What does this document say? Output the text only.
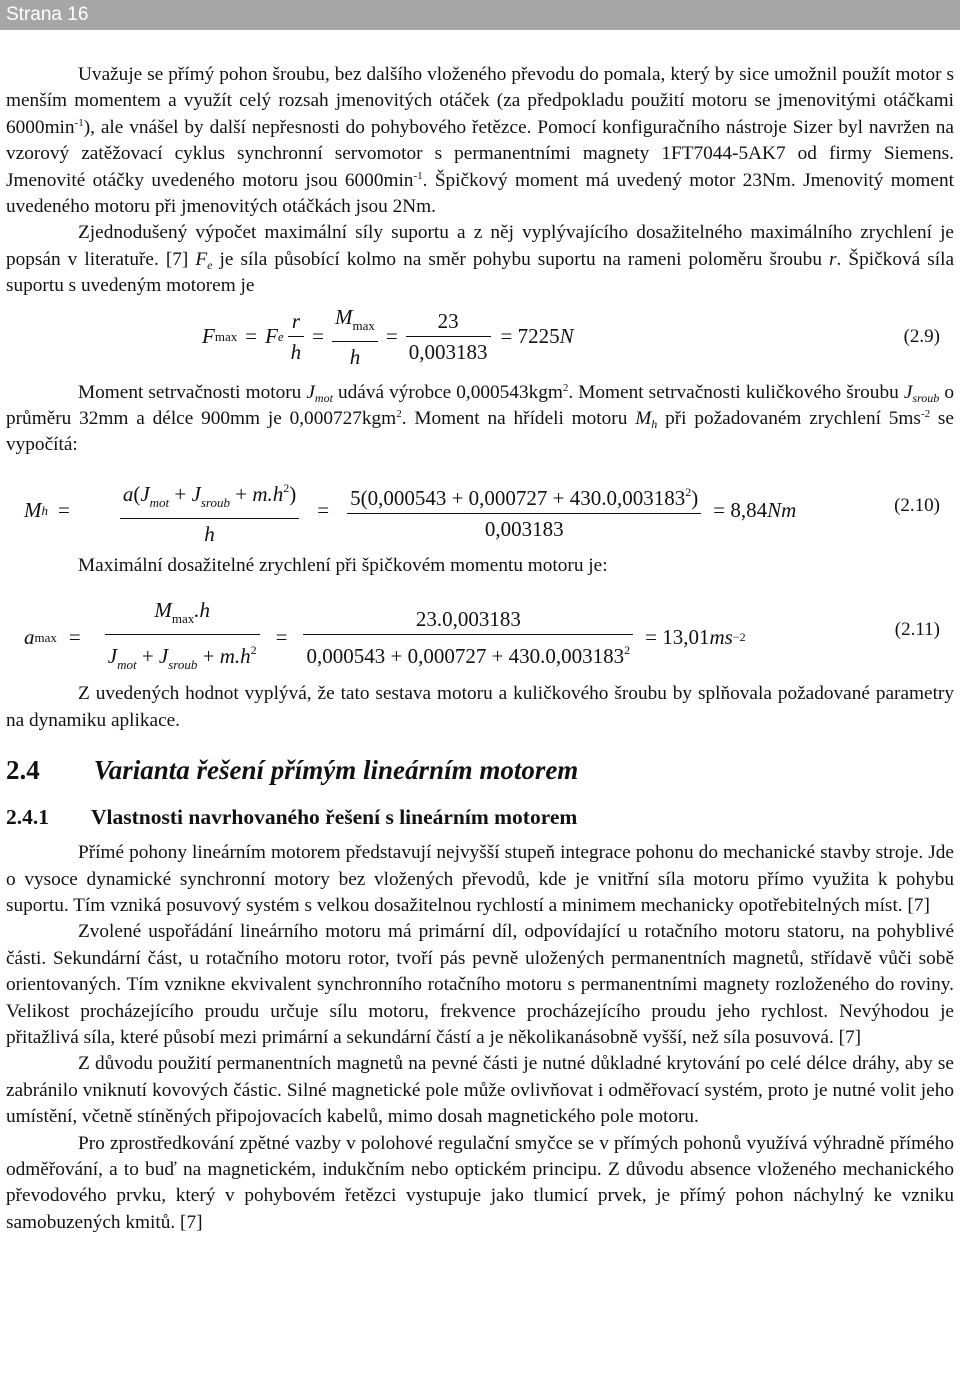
Strana 16

Uvažuje se přímý pohon šroubu, bez dalšího vloženého převodu do pomala, který by sice umožnil použít motor s menším momentem a využít celý rozsah jmenovitých otáček (za předpokladu použití motoru se jmenovitými otáčkami $6000\min^{-1}$), ale vnášel by další nepřesnosti do pohybového řetězce. Pomocí konfiguračního nástroje Sizer byl navržen na vzorový zatěžovací cyklus synchronní servomotor s permanentními magnety 1FT7044-5AK7 od firmy Siemens. Jmenovité otáčky uvedeného motoru jsou $6000\min^{-1}$. Špičkový moment má uvedený motor 23Nm. Jmenovitý moment uvedeného motoru při jmenovitých otáčkách jsou 2Nm.

Zjednodušený výpočet maximální síly suportu a z něj vyplývajícího dosažitelného maximálního zrychlení je popsán v literatuře. [7] $F_e$ je síla působící kolmo na směr pohybu suportu na rameni poloměru šroubu r. Špičková síla suportu s uvedeným motorem je

F max = F e $\frac{r}{h} = \frac{M_{max}}{h} = \frac{23}{0,003183} = 7225$ N	(2.9)

Moment setrvačnosti motoru $J_{mot}$ udává výrobce 0,000543kgm$^2$. Moment setrvačnosti kuličkového šroubu $J_{sroub}$ o průměru 32mm a délce 900mm je 0,000727kgm$^2$. Moment na hřídeli motoru $M_h$ při požadovaném zrychlení $5ms^{-2}$ se vypočítá:

M $h = \frac{a(J_{mot} + J_{sroub} + m.h^2)}{h} = \frac{5(0,000543 + 0,000727 + 430.0,003183^2)}{0,003183} = 8,84$ Nm	(2.10)

Maximální dosažitelné zrychlení při špičkovém momentu motoru je:

a $\max = \frac{M_{max}.h}{J_{mot} + J_{sroub} + m.h^2} = \frac{23.0,003183}{0,000543 + 0,000727 + 430.0,003183^2} = 13,01$ ms −2	(2.11)

Z uvedených hodnot vyplývá, že tato sestava motoru a kuličkového šroubu by splňovala požadované parametry na dynamiku aplikace.

2.4 Varianta řešení přímým lineárním motorem
2.4.1 Vlastnosti navrhovaného řešení s lineárním motorem

Přímé pohony lineárním motorem představují nejvyšší stupeň integrace pohonu do mechanické stavby stroje. Jde o vysoce dynamické synchronní motory bez vložených převodů, kde je vnitřní síla motoru přímo využita k pohybu suportu. Tím vzniká posuvový systém s velkou dosažitelnou rychlostí a minimem mechanicky opotřebitelných míst. [7]

Zvolené uspořádání lineárního motoru má primární díl, odpovídající u rotačního motoru statoru, na pohyblivé části. Sekundární část, u rotačního motoru rotor, tvoří pás pevně uložených permanentních magnetů, střídavě vůči sobě orientovaných. Tím vznikne ekvivalent synchronního rotačního motoru s permanentními magnety rozloženého do roviny. Velikost procházejícího proudu určuje sílu motoru, frekvence procházejícího proudu jeho rychlost. Nevýhodou je přitažlivá síla, které působí mezi primární a sekundární částí a je několikanásobně vyšší, než síla posuvová. [7]

Z důvodu použití permanentních magnetů na pevné části je nutné důkladné krytování po celé délce dráhy, aby se zabránilo vniknutí kovových částic. Silné magnetické pole může ovlivňovat i odměřovací systém, proto je nutné volit jeho umístění, včetně stíněných připojovacích kabelů, mimo dosah magnetického pole motoru.

Pro zprostředkování zpětné vazby v polohové regulační smyčce se v přímých pohonů využívá výhradně přímého odměřování, a to buď na magnetickém, indukčním nebo optickém principu. Z důvodu absence vloženého mechanického převodového prvku, který v pohybovém řetězci vystupuje jako tlumicí prvek, je přímý pohon náchylný ke vzniku samobuzených kmitů. [7]
